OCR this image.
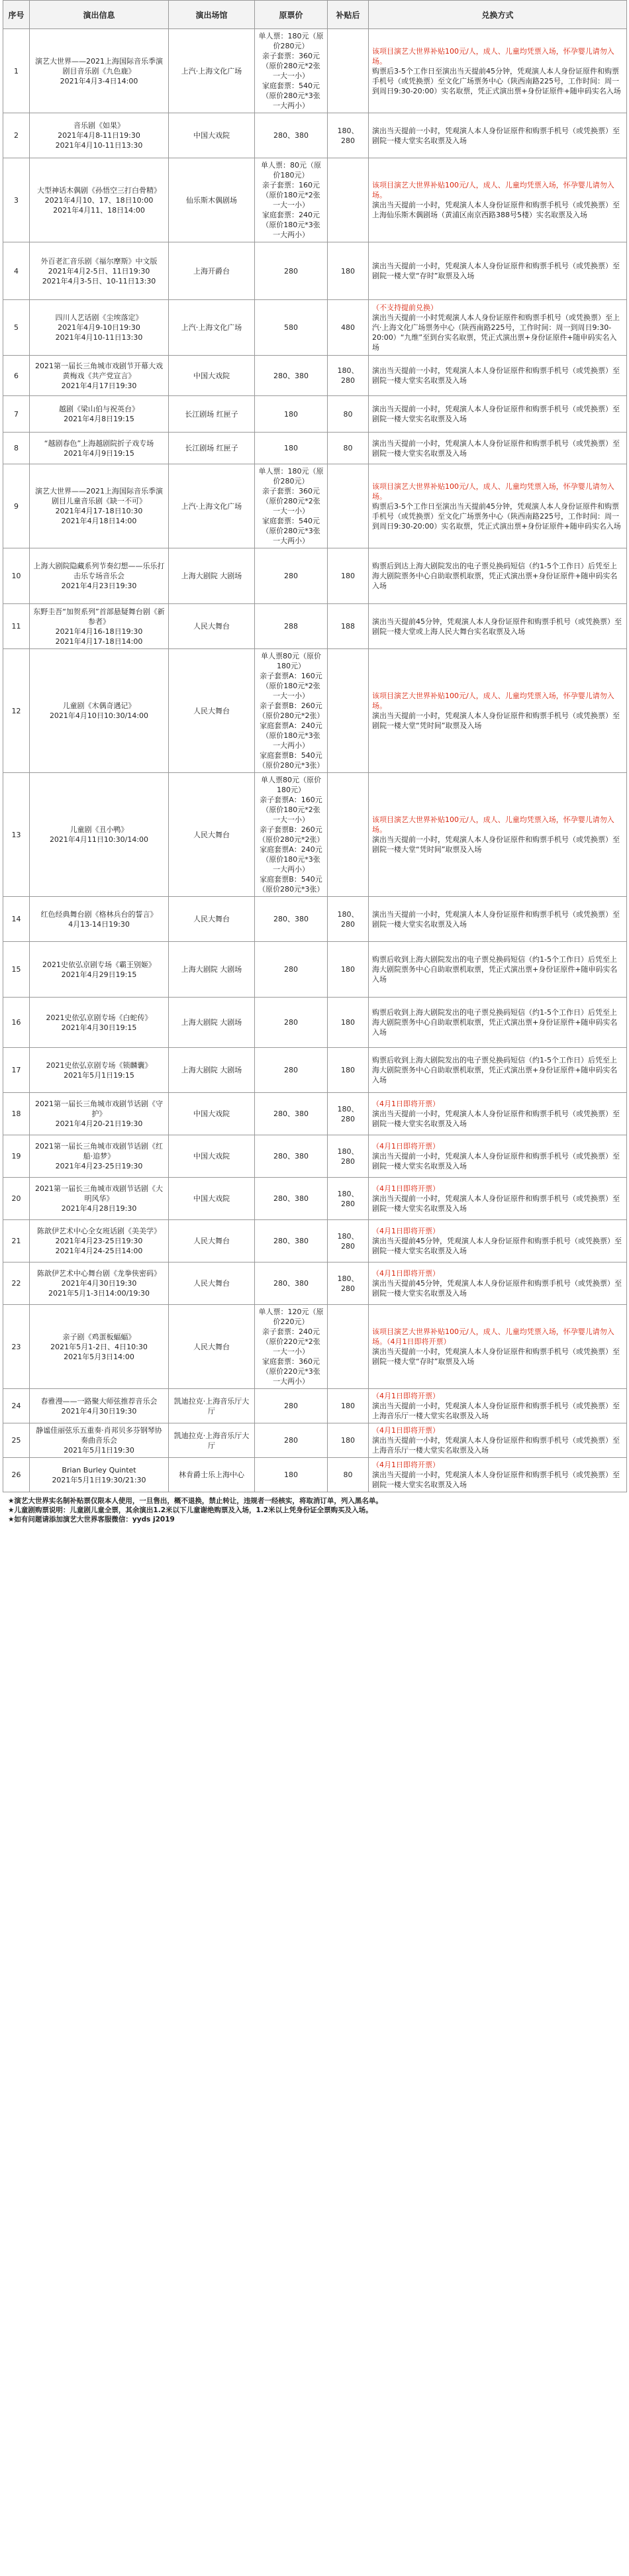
序号	演出信息	演出场馆	原票价	补贴后	兑换方式
1	演艺大世界——2021上海国际音乐季演剧目音乐剧《九色鹿》
2021年4月3-4日14:00	上汽·上海文化广场	单人票：180元（原价280元）
亲子套票：360元（原价280元*2张 一大一小）
家庭套票：540元（原价280元*3张 一大两小）		该项目演艺大世界补贴100元/人，成人、儿童均凭票入场，怀孕婴儿请勿入场。
购票后3-5个工作日至演出当天提前45分钟，凭观演人本人身份证原件和购票手机号（或凭换票）至文化广场票务中心（陕西南路225号，工作时间：周一到周日9:30-20:00）实名取票，凭正式演出票+身份证原件+随申码实名入场

2	音乐剧《如果》
2021年4月8-11日19:30
2021年4月10-11日13:30	中国大戏院	280、380	180、280	演出当天提前一小时，凭观演人本人身份证原件和购票手机号（或凭换票）至剧院一楼大堂实名取票及入场

3	大型神话木偶剧《孙悟空三打白骨精》
2021年4月10、17、18日10:00
2021年4月11、18日14:00	仙乐斯木偶剧场	单人票：80元（原价180元）
亲子套票：160元（原价180元*2张 一大一小）
家庭套票：240元（原价180元*3张 一大两小）		该项目演艺大世界补贴100元/人，成人、儿童均凭票入场，怀孕婴儿请勿入场。
演出当天提前一小时，凭观演人本人身份证原件和购票手机号（或凭换票）至上海仙乐斯木偶剧场（黄浦区南京西路388号5楼）实名取票及入场

4	外百老汇音乐剧《福尔摩斯》中文版
2021年4月2-5日、11日19:30
2021年4月3-5日、10-11日13:30	上海开爵台	280	180	演出当天提前一小时，凭观演人本人身份证原件和购票手机号（或凭换票）至剧院一楼大堂“存时”取票及入场

5	四川人艺话剧《尘埃落定》
2021年4月9-10日19:30
2021年4月10-11日13:30	上汽·上海文化广场	580	480	（不支持提前兑换）
演出当天提前一小时凭观演人本人身份证原件和购票手机号（或凭换票）至上汽·上海文化广场票务中心（陕西南路225号，工作时间：周一到周日9:30-20:00）“九维”至到台实名取票，凭正式演出票+身份证原件+随申码实名入场

6	2021第一届长三角城市戏剧节开幕大戏黄梅戏《共产党宣言》
2021年4月17日19:30	中国大戏院	280、380	180、280	演出当天提前一小时，凭观演人本人身份证原件和购票手机号（或凭换票）至剧院一楼大堂实名取票及入场

7	越剧《梁山伯与祝英台》
2021年4月8日19:15	长江剧场 红匣子	180	80	演出当天提前一小时，凭观演人本人身份证原件和购票手机号（或凭换票）至剧院一楼大堂实名取票及入场

8	“越剧春色”上海越剧院折子戏专场
2021年4月9日19:15	长江剧场 红匣子	180	80	演出当天提前一小时，凭观演人本人身份证原件和购票手机号（或凭换票）至剧院一楼大堂实名取票及入场

9	演艺大世界——2021上海国际音乐季演剧目儿童音乐剧《缺一不可》
2021年4月17-18日10:30
2021年4月18日14:00	上汽·上海文化广场	单人票：180元（原价280元）
亲子套票：360元（原价280元*2张 一大一小）
家庭套票：540元（原价280元*3张 一大两小）		该项目演艺大世界补贴100元/人，成人、儿童均凭票入场，怀孕婴儿请勿入场。
购票后3-5个工作日至演出当天提前45分钟，凭观演人本人身份证原件和购票手机号（或凭换票）至文化广场票务中心（陕西南路225号，工作时间：周一到周日9:30-20:00）实名取票，凭正式演出票+身份证原件+随申码实名入场

10	上海大剧院隐藏系列节奏幻想——乐乐打击乐专场音乐会
2021年4月23日19:30	上海大剧院 大剧场	280	180	购票后到达上海大剧院发出的电子票兑换码短信（约1-5个工作日）后凭至上海大剧院票务中心自助取票机取票，凭正式演出票+身份证原件+随申码实名入场

11	东野圭吾“加贺系列”首部悬疑舞台剧《新参者》
2021年4月16-18日19:30
2021年4月17-18日14:00	人民大舞台	288	188	演出当天提前45分钟，凭观演人本人身份证原件和购票手机号（或凭换票）至剧院一楼大堂或上海人民大舞台实名取票及入场

12	儿童剧《木偶奇遇记》
2021年4月10日10:30/14:00	人民大舞台	单人票80元（原价180元）
亲子套票A：160元（原价180元*2张 一大一小）
亲子套票B：260元（原价280元*2张）
家庭套票A：240元（原价180元*3张 一大两小）
家庭套票B：540元（原价280元*3张）		该项目演艺大世界补贴100元/人，成人、儿童均凭票入场，怀孕婴儿请勿入场。
演出当天提前一小时，凭观演人本人身份证原件和购票手机号（或凭换票）至剧院一楼大堂“凭时间”取票及入场

13	儿童剧《丑小鸭》
2021年4月11日10:30/14:00	人民大舞台	单人票80元（原价180元）
亲子套票A：160元（原价180元*2张 一大一小）
亲子套票B：260元（原价280元*2张）
家庭套票A：240元（原价180元*3张 一大两小）
家庭套票B：540元（原价280元*3张）		该项目演艺大世界补贴100元/人，成人、儿童均凭票入场，怀孕婴儿请勿入场。
演出当天提前一小时，凭观演人本人身份证原件和购票手机号（或凭换票）至剧院一楼大堂“凭时间”取票及入场

14	红色经典舞台剧《格林兵台的誓言》
4月13-14日19:30	人民大舞台	280、380	180、280	演出当天提前一小时，凭观演人本人身份证原件和购票手机号（或凭换票）至剧院一楼大堂实名取票及入场

15	2021史依弘京剧专场《霸王别姬》
2021年4月29日19:15	上海大剧院 大剧场	280	180	购票后收到上海大剧院发出的电子票兑换码短信（约1-5个工作日）后凭至上海大剧院票务中心自助取票机取票，凭正式演出票+身份证原件+随申码实名入场

16	2021史依弘京剧专场《白蛇传》
2021年4月30日19:15	上海大剧院 大剧场	280	180	购票后收到上海大剧院发出的电子票兑换码短信（约1-5个工作日）后凭至上海大剧院票务中心自助取票机取票，凭正式演出票+身份证原件+随申码实名入场

17	2021史依弘京剧专场《锁麟囊》
2021年5月1日19:15	上海大剧院 大剧场	280	180	购票后收到上海大剧院发出的电子票兑换码短信（约1-5个工作日）后凭至上海大剧院票务中心自助取票机取票，凭正式演出票+身份证原件+随申码实名入场

18	2021第一届长三角城市戏剧节话剧《守护》
2021年4月20-21日19:30	中国大戏院	280、380	180、280	（4月1日即将开票）
演出当天提前一小时，凭观演人本人身份证原件和购票手机号（或凭换票）至剧院一楼大堂实名取票及入场

19	2021第一届长三角城市戏剧节话剧《红船·追梦》
2021年4月23-25日19:30	中国大戏院	280、380	180、280	（4月1日即将开票）
演出当天提前一小时，凭观演人本人身份证原件和购票手机号（或凭换票）至剧院一楼大堂实名取票及入场

20	2021第一届长三角城市戏剧节话剧《大明风华》
2021年4月28日19:30	中国大戏院	280、380	180、280	（4月1日即将开票）
演出当天提前一小时，凭观演人本人身份证原件和购票手机号（或凭换票）至剧院一楼大堂实名取票及入场

21	陈歆伊艺术中心全女班话剧《美美学》
2021年4月23-25日19:30
2021年4月24-25日14:00	人民大舞台	280、380	180、280	（4月1日即将开票）
演出当天提前45分钟，凭观演人本人身份证原件和购票手机号（或凭换票）至剧院一楼大堂实名取票及入场

22	陈歆伊艺术中心舞台剧《龙拳侠密码》
2021年4月30日19:30
2021年5月1-3日14:00/19:30	人民大舞台	280、380	180、280	（4月1日即将开票）
演出当天提前45分钟，凭观演人本人身份证原件和购票手机号（或凭换票）至剧院一楼大堂实名取票及入场

23	亲子剧《鸡蛋板蝠蝠》
2021年5月1-2日、4日10:30
2021年5月3日14:00	人民大舞台	单人票：120元（原价220元）
亲子套票：240元（原价220元*2张 一大一小）
家庭套票：360元（原价220元*3张 一大两小）		该项目演艺大世界补贴100元/人，成人、儿童均凭票入场，怀孕婴儿请勿入场。（4月1日即将开票）
演出当天提前一小时，凭观演人本人身份证原件和购票手机号（或凭换票）至剧院一楼大堂“存时”取票及入场

24	春雅漫——一路聚大师弦推荐音乐会
2021年4月30日19:30	凯迪拉克·上海音乐厅大厅	280	180	（4月1日即将开票）
演出当天提前一小时，凭观演人本人身份证原件和购票手机号（或凭换票）至上海音乐厅一楼大堂实名取票及入场

25	静谧佳丽弦乐五重奏·肖邦贝多芬钢琴协奏曲音乐会
2021年5月1日19:30	凯迪拉克·上海音乐厅大厅	280	180	（4月1日即将开票）
演出当天提前一小时，凭观演人本人身份证原件和购票手机号（或凭换票）至上海音乐厅一楼大堂实名取票及入场

26	Brian Burley Quintet
2021年5月1日19:30/21:30	林肯爵士乐上海中心	180	80	（4月1日即将开票）
演出当天提前一小时，凭观演人本人身份证原件和购票手机号（或凭换票）至剧院一楼大堂实名取票及入场
★演艺大世界实名制补贴票仅限本人使用，一旦售出，概不退换，禁止转让，违规者一经核实，将取消订单，列入黑名单。
★儿童剧购票说明：儿童剧儿童全票，其余演出1.2米以下儿童谢绝购票及入场，1.2米以上凭身份证全票购买及入场。
★如有问题请添加演艺大世界客服微信：yyds j2019
